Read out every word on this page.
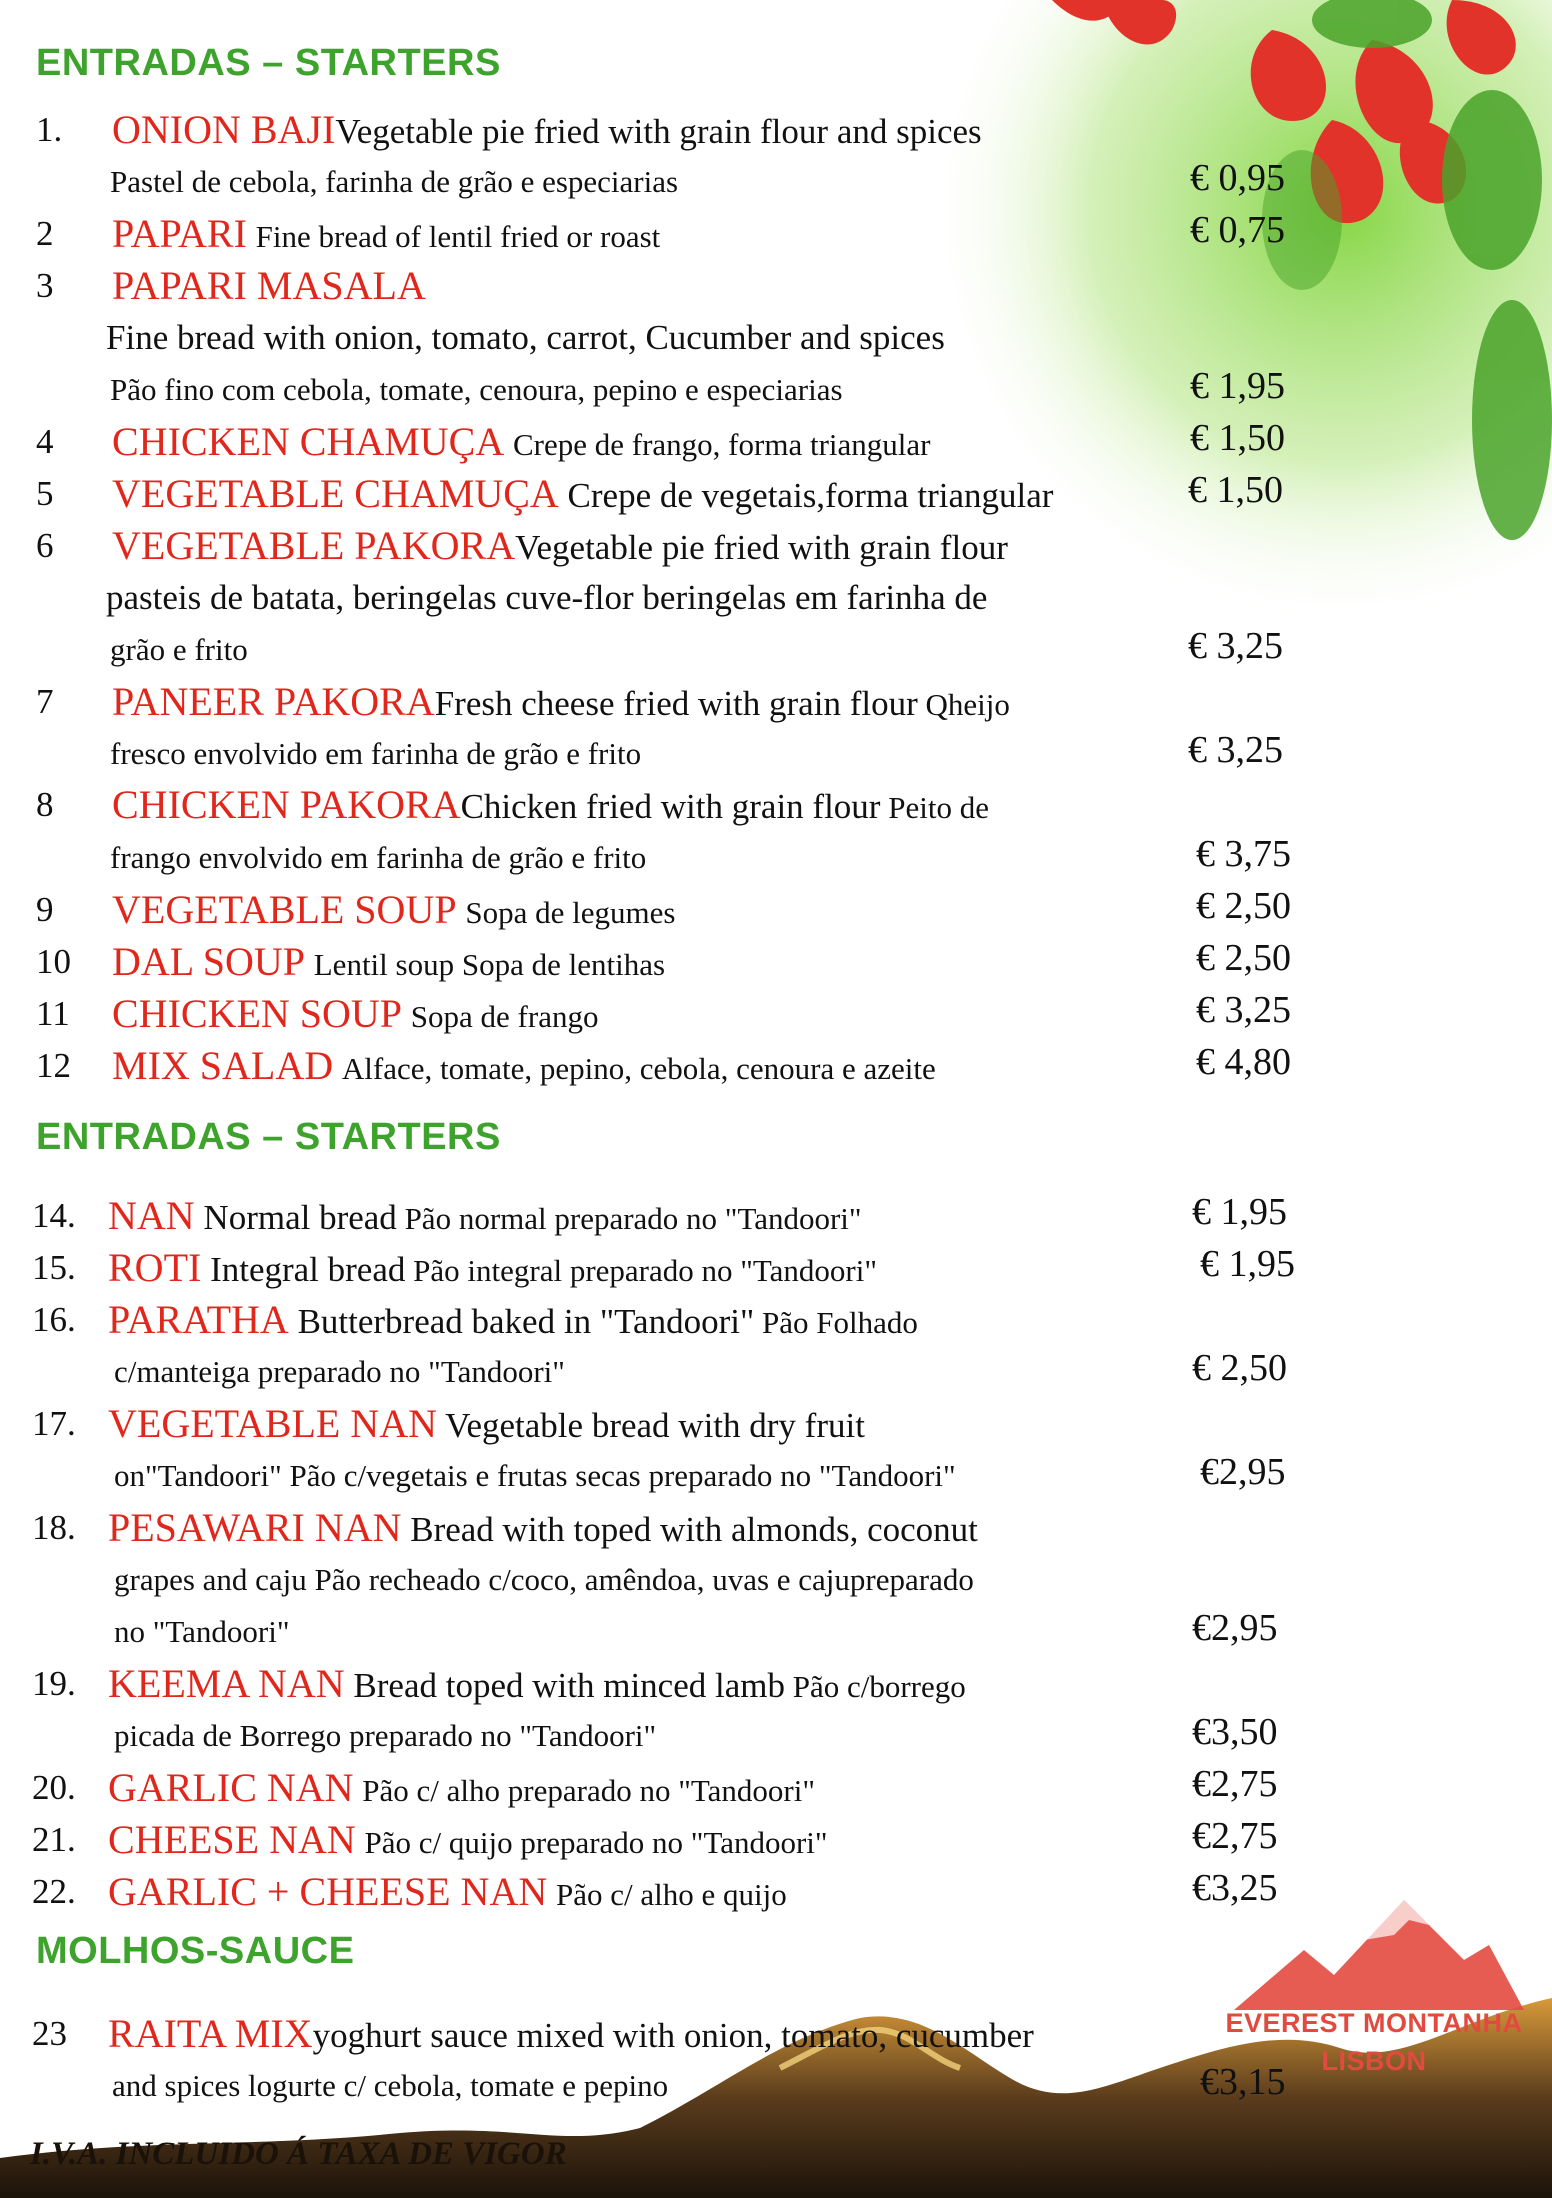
EVEREST MONTANHA
LISBON
ENTRADAS – STARTERS
ENTRADAS – STARTERS
MOLHOS-SAUCE
1. ONION BAJIVegetable pie fried with grain flour and spices
Pastel de cebola, farinha de grão e especiarias	€ 0,95
2 PAPARI Fine bread of lentil fried or roast	€ 0,75
3 PAPARI MASALA
Fine bread with onion, tomato, carrot, Cucumber and spices
Pão fino com cebola, tomate, cenoura, pepino e especiarias	€ 1,95
4 CHICKEN CHAMUÇA Crepe de frango, forma triangular	€ 1,50
5 VEGETABLE CHAMUÇA Crepe de vegetais,forma triangular	€ 1,50
6 VEGETABLE PAKORAVegetable pie fried with grain flour
pasteis de batata, beringelas cuve-flor beringelas em farinha de
grão e frito	€ 3,25
7 PANEER PAKORAFresh cheese fried with grain flour Qheijo
fresco envolvido em farinha de grão e frito	€ 3,25
8 CHICKEN PAKORAChicken fried with grain flour Peito de
frango envolvido em farinha de grão e frito	€ 3,75
9 VEGETABLE SOUP Sopa de legumes	€ 2,50
10 DAL SOUP Lentil soup Sopa de lentihas	€ 2,50
11 CHICKEN SOUP Sopa de frango	€ 3,25
12 MIX SALAD Alface, tomate, pepino, cebola, cenoura e azeite	€ 4,80
14. NAN Normal bread Pão normal preparado no "Tandoori"	€ 1,95
15. ROTI Integral bread Pão integral preparado no "Tandoori"	€ 1,95
16. PARATHA Butterbread baked in "Tandoori" Pão Folhado
c/manteiga preparado no "Tandoori"	€ 2,50
17. VEGETABLE NAN Vegetable bread with dry fruit
on"Tandoori" Pão c/vegetais e frutas secas preparado no "Tandoori"	€2,95
18. PESAWARI NAN Bread with toped with almonds, coconut
grapes and caju Pão recheado c/coco, amêndoa, uvas e cajupreparado
no "Tandoori"	€2,95
19. KEEMA NAN Bread toped with minced lamb Pão c/borrego
picada de Borrego preparado no "Tandoori"	€3,50
20. GARLIC NAN Pão c/ alho preparado no "Tandoori"	€2,75
21. CHEESE NAN Pão c/ quijo preparado no "Tandoori"	€2,75
22. GARLIC + CHEESE NAN Pão c/ alho e quijo	€3,25
23 RAITA MIXyoghurt sauce mixed with onion, tomato, cucumber
and spices logurte c/ cebola, tomate e pepino	€3,15
I.V.A. INCLUIDO Á TAXA DE VIGOR
